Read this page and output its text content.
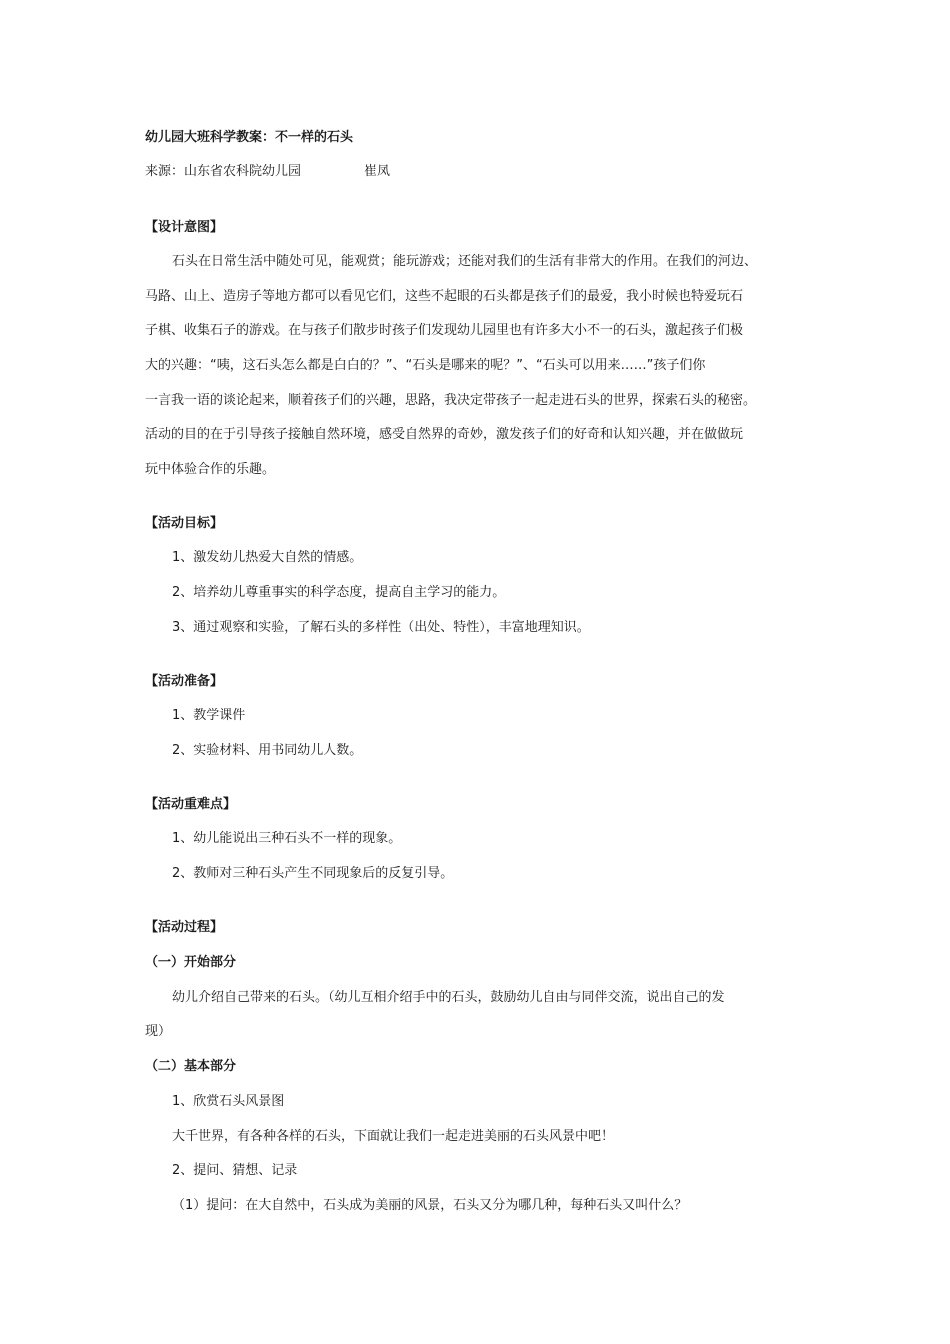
幼儿园大班科学教案：不一样的石头
来源：山东省农科院幼儿园	崔凤
【设计意图】
石头在日常生活中随处可见，能观赏；能玩游戏；还能对我们的生活有非常大的作用。在我们的河边、
马路、山上、造房子等地方都可以看见它们，这些不起眼的石头都是孩子们的最爱，我小时候也特爱玩石
子棋、收集石子的游戏。在与孩子们散步时孩子们发现幼儿园里也有许多大小不一的石头，激起孩子们极
大的兴趣：“咦，这石头怎么都是白白的？”、“石头是哪来的呢？”、“石头可以用来……”孩子们你
一言我一语的谈论起来，顺着孩子们的兴趣，思路，我决定带孩子一起走进石头的世界，探索石头的秘密。
活动的目的在于引导孩子接触自然环境，感受自然界的奇妙，激发孩子们的好奇和认知兴趣，并在做做玩
玩中体验合作的乐趣。
【活动目标】
1、激发幼儿热爱大自然的情感。
2、培养幼儿尊重事实的科学态度，提高自主学习的能力。
3、通过观察和实验，了解石头的多样性（出处、特性），丰富地理知识。
【活动准备】
1、教学课件
2、实验材料、用书同幼儿人数。
【活动重难点】
1、幼儿能说出三种石头不一样的现象。
2、教师对三种石头产生不同现象后的反复引导。
【活动过程】
（一）开始部分
幼儿介绍自己带来的石头。（幼儿互相介绍手中的石头，鼓励幼儿自由与同伴交流，说出自己的发
现）
（二）基本部分
1、欣赏石头风景图
大千世界，有各种各样的石头，下面就让我们一起走进美丽的石头风景中吧！
2、提问、猜想、记录
（1）提问：在大自然中，石头成为美丽的风景，石头又分为哪几种，每种石头又叫什么？
